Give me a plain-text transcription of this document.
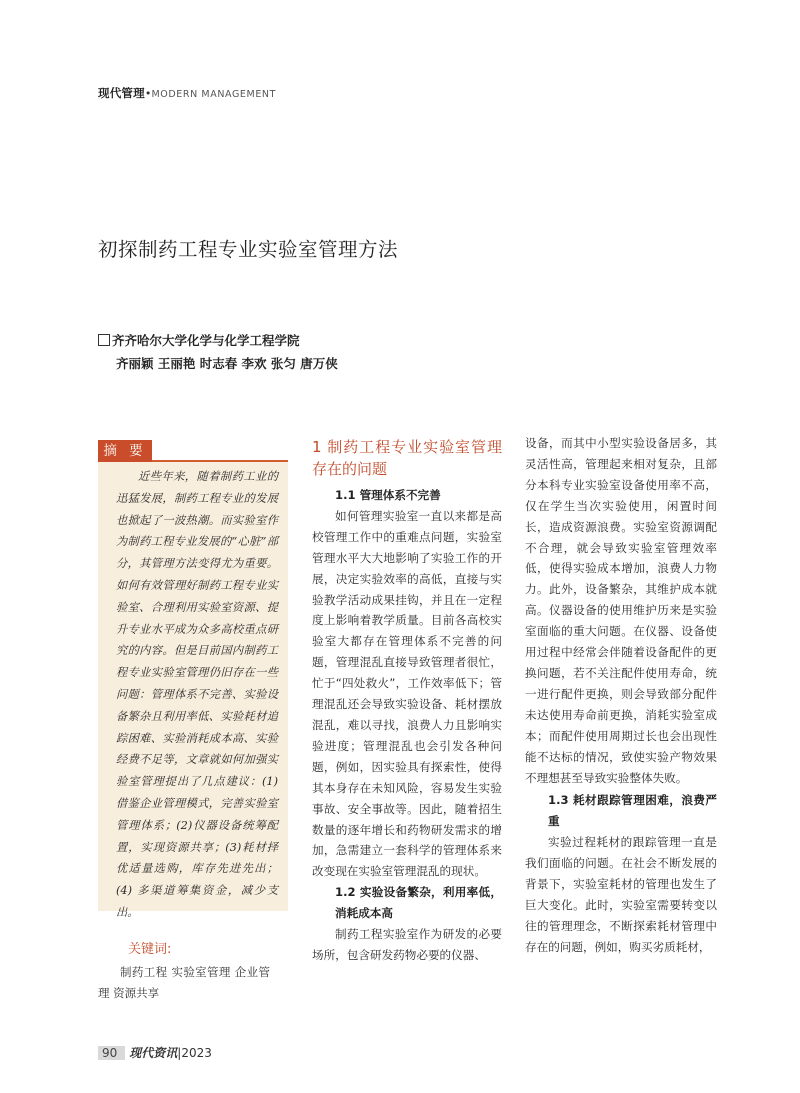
现代管理•MODERN MANAGEMENT
初探制药工程专业实验室管理方法
齐齐哈尔大学化学与化学工程学院
齐丽颖 王丽艳 时志春 李欢 张匀 唐万侠
摘 要
近些年来，随着制药工业的迅猛发展，制药工程专业的发展也掀起了一波热潮。而实验室作为制药工程专业发展的“心脏”部分，其管理方法变得尤为重要。如何有效管理好制药工程专业实验室、合理利用实验室资源、提升专业水平成为众多高校重点研究的内容。但是目前国内制药工程专业实验室管理仍旧存在一些问题：管理体系不完善、实验设备繁杂且利用率低、实验耗材追踪困难、实验消耗成本高、实验经费不足等，文章就如何加强实验室管理提出了几点建议：(1) 借鉴企业管理模式，完善实验室管理体系；(2)仪器设备统筹配置，实现资源共享；(3)耗材择优适量选购，库存先进先出；(4) 多渠道筹集资金，减少支出。
关键词:
制药工程 实验室管理 企业管理 资源共享
1 制药工程专业实验室管理存在的问题
1.1 管理体系不完善

如何管理实验室一直以来都是高校管理工作中的重难点问题，实验室管理水平大大地影响了实验工作的开展，决定实验效率的高低，直接与实验教学活动成果挂钩，并且在一定程度上影响着教学质量。目前各高校实验室大都存在管理体系不完善的问题，管理混乱直接导致管理者很忙，忙于“四处救火”，工作效率低下；管理混乱还会导致实验设备、耗材摆放混乱，难以寻找，浪费人力且影响实验进度；管理混乱也会引发各种问题，例如，因实验具有探索性，使得其本身存在未知风险，容易发生实验事故、安全事故等。因此，随着招生数量的逐年增长和药物研发需求的增加，急需建立一套科学的管理体系来改变现在实验室管理混乱的现状。

1.2 实验设备繁杂，利用率低，消耗成本高

制药工程实验室作为研发的必要场所，包含研发药物必要的仪器、

设备，而其中小型实验设备居多，其灵活性高，管理起来相对复杂，且部分本科专业实验室设备使用率不高，仅在学生当次实验使用，闲置时间长，造成资源浪费。实验室资源调配不合理，就会导致实验室管理效率低，使得实验成本增加，浪费人力物力。此外，设备繁杂，其维护成本就高。仪器设备的使用维护历来是实验室面临的重大问题。在仪器、设备使用过程中经常会伴随着设备配件的更换问题，若不关注配件使用寿命，统一进行配件更换，则会导致部分配件未达使用寿命前更换，消耗实验室成本；而配件使用周期过长也会出现性能不达标的情况，致使实验产物效果不理想甚至导致实验整体失败。

1.3 耗材跟踪管理困难，浪费严重

实验过程耗材的跟踪管理一直是我们面临的问题。在社会不断发展的背景下，实验室耗材的管理也发生了巨大变化。此时，实验室需要转变以往的管理理念，不断探索耗材管理中存在的问题，例如，购买劣质耗材，

90 现代资讯|2023
